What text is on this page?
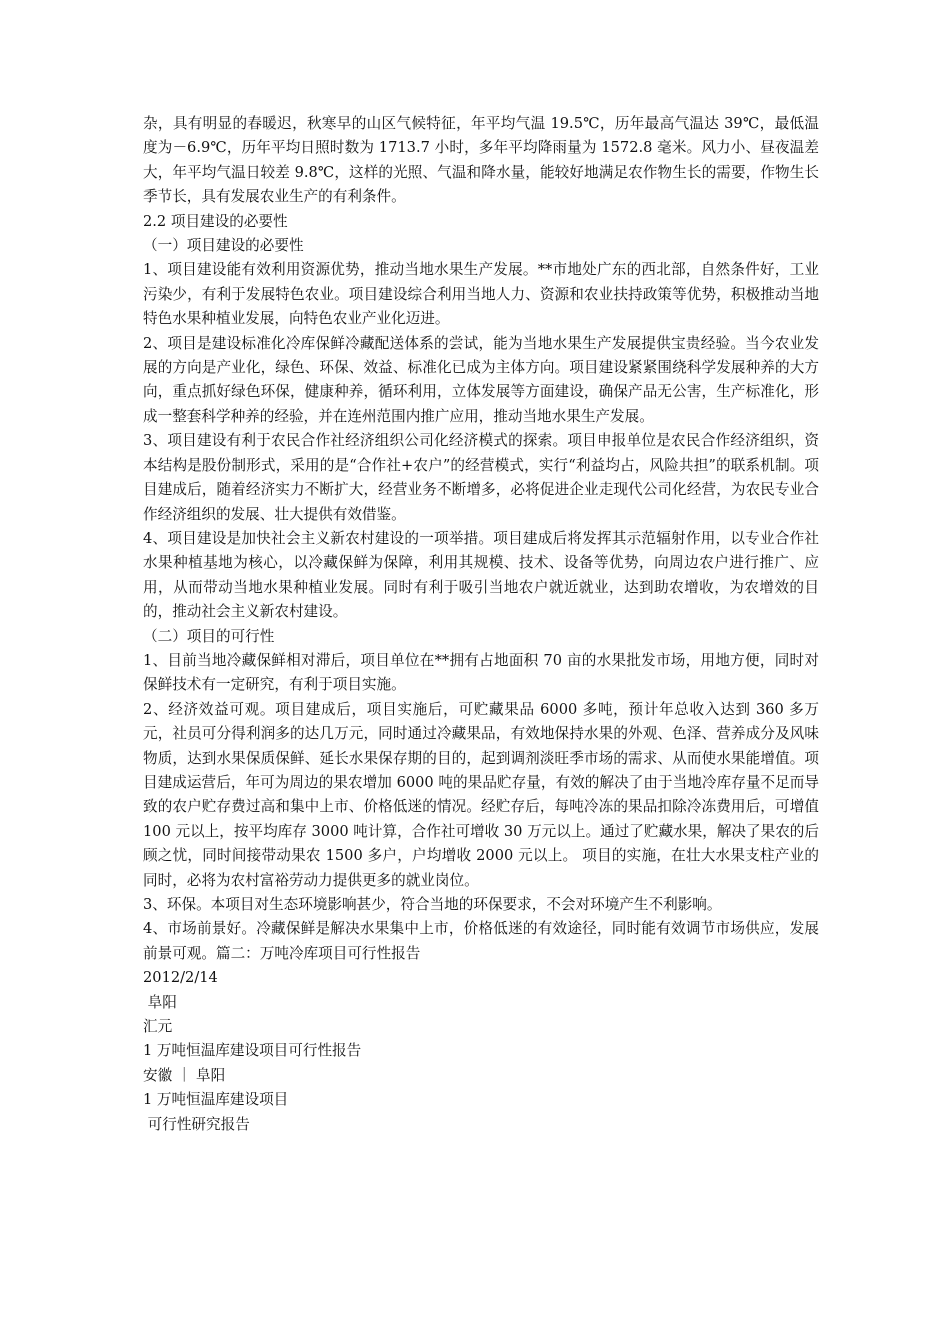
杂，具有明显的春暖迟，秋寒早的山区气候特征，年平均气温 19.5℃，历年最高气温达 39℃，最低温度为－6.9℃，历年平均日照时数为 1713.7 小时，多年平均降雨量为 1572.8 毫米。风力小、昼夜温差大，年平均气温日较差 9.8℃，这样的光照、气温和降水量，能较好地满足农作物生长的需要，作物生长季节长，具有发展农业生产的有利条件。

2.2 项目建设的必要性

（一）项目建设的必要性

1、项目建设能有效利用资源优势，推动当地水果生产发展。**市地处广东的西北部，自然条件好，工业污染少，有利于发展特色农业。项目建设综合利用当地人力、资源和农业扶持政策等优势，积极推动当地特色水果种植业发展，向特色农业产业化迈进。

2、项目是建设标准化冷库保鲜冷藏配送体系的尝试，能为当地水果生产发展提供宝贵经验。当今农业发展的方向是产业化，绿色、环保、效益、标准化已成为主体方向。项目建设紧紧围绕科学发展种养的大方向，重点抓好绿色环保，健康种养，循环利用，立体发展等方面建设，确保产品无公害，生产标准化，形成一整套科学种养的经验，并在连州范围内推广应用，推动当地水果生产发展。

3、项目建设有利于农民合作社经济组织公司化经济模式的探索。项目申报单位是农民合作经济组织，资本结构是股份制形式，采用的是“合作社+农户”的经营模式，实行“利益均占，风险共担”的联系机制。项目建成后，随着经济实力不断扩大，经营业务不断增多，必将促进企业走现代公司化经营，为农民专业合作经济组织的发展、壮大提供有效借鉴。

4、项目建设是加快社会主义新农村建设的一项举措。项目建成后将发挥其示范辐射作用，以专业合作社水果种植基地为核心，以冷藏保鲜为保障，利用其规模、技术、设备等优势，向周边农户进行推广、应用，从而带动当地水果种植业发展。同时有利于吸引当地农户就近就业，达到助农增收，为农增效的目的，推动社会主义新农村建设。

（二）项目的可行性

1、目前当地冷藏保鲜相对滞后，项目单位在**拥有占地面积 70 亩的水果批发市场，用地方便，同时对保鲜技术有一定研究，有利于项目实施。

2、经济效益可观。项目建成后，项目实施后，可贮藏果品 6000 多吨，预计年总收入达到 360 多万元，社员可分得利润多的达几万元，同时通过冷藏果品，有效地保持水果的外观、色泽、营养成分及风味物质，达到水果保质保鲜、延长水果保存期的目的，起到调剂淡旺季市场的需求、从而使水果能增值。项目建成运营后，年可为周边的果农增加 6000 吨的果品贮存量，有效的解决了由于当地冷库存量不足而导致的农户贮存费过高和集中上市、价格低迷的情况。经贮存后，每吨冷冻的果品扣除冷冻费用后，可增值 100 元以上，按平均库存 3000 吨计算，合作社可增收 30 万元以上。通过了贮藏水果，解决了果农的后顾之忧，同时间接带动果农 1500 多户，户均增收 2000 元以上。 项目的实施，在壮大水果支柱产业的同时，必将为农村富裕劳动力提供更多的就业岗位。

3、环保。本项目对生态环境影响甚少，符合当地的环保要求，不会对环境产生不利影响。

4、市场前景好。冷藏保鲜是解决水果集中上市，价格低迷的有效途径，同时能有效调节市场供应，发展前景可观。篇二：万吨冷库项目可行性报告

2012/2/14

阜阳

汇元

1 万吨恒温库建设项目可行性报告

安徽 ｜ 阜阳

1 万吨恒温库建设项目

可行性研究报告
